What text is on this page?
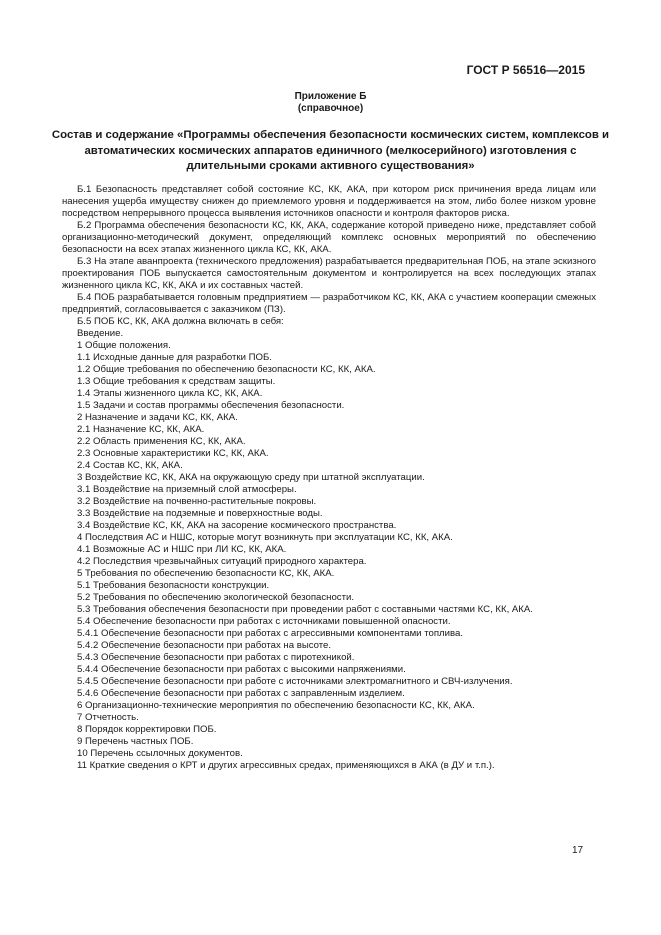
ГОСТ Р 56516—2015
Приложение Б
(справочное)
Состав и содержание «Программы обеспечения безопасности космических систем, комплексов и автоматических космических аппаратов единичного (мелкосерийного) изготовления с длительными сроками активного существования»

Б.1 Безопасность представляет собой состояние КС, КК, АКА, при котором риск причинения вреда лицам или нанесения ущерба имуществу снижен до приемлемого уровня и поддерживается на этом, либо более низком уровне посредством непрерывного процесса выявления источников опасности и контроля факторов риска.

Б.2 Программа обеспечения безопасности КС, КК, АКА, содержание которой приведено ниже, представляет собой организационно-методический документ, определяющий комплекс основных мероприятий по обеспечению безопасности на всех этапах жизненного цикла КС, КК, АКА.

Б.3 На этапе аванпроекта (технического предложения) разрабатывается предварительная ПОБ, на этапе эскизного проектирования ПОБ выпускается самостоятельным документом и контролируется на всех последующих этапах жизненного цикла КС, КК, АКА и их составных частей.

Б.4 ПОБ разрабатывается головным предприятием — разработчиком КС, КК, АКА с участием кооперации смежных предприятий, согласовывается с заказчиком (ПЗ).

Б.5 ПОБ КС, КК, АКА должна включать в себя:

Введение.
1 Общие положения.
1.1 Исходные данные для разработки ПОБ.
1.2 Общие требования по обеспечению безопасности КС, КК, АКА.
1.3 Общие требования к средствам защиты.
1.4 Этапы жизненного цикла КС, КК, АКА.
1.5 Задачи и состав программы обеспечения безопасности.
2 Назначение и задачи КС, КК, АКА.
2.1 Назначение КС, КК, АКА.
2.2 Область применения КС, КК, АКА.
2.3 Основные характеристики КС, КК, АКА.
2.4 Состав КС, КК, АКА.
3 Воздействие КС, КК, АКА на окружающую среду при штатной эксплуатации.
3.1 Воздействие на приземный слой атмосферы.
3.2 Воздействие на почвенно-растительные покровы.
3.3 Воздействие на подземные и поверхностные воды.
3.4 Воздействие КС, КК, АКА на засорение космического пространства.
4 Последствия АС и НШС, которые могут возникнуть при эксплуатации КС, КК, АКА.
4.1 Возможные АС и НШС при ЛИ КС, КК, АКА.
4.2 Последствия чрезвычайных ситуаций природного характера.
5 Требования по обеспечению безопасности КС, КК, АКА.
5.1 Требования безопасности конструкции.
5.2 Требования по обеспечению экологической безопасности.
5.3 Требования обеспечения безопасности при проведении работ с составными частями КС, КК, АКА.
5.4 Обеспечение безопасности при работах с источниками повышенной опасности.
5.4.1 Обеспечение безопасности при работах с агрессивными компонентами топлива.
5.4.2 Обеспечение безопасности при работах на высоте.
5.4.3 Обеспечение безопасности при работах с пиротехникой.
5.4.4 Обеспечение безопасности при работах с высокими напряжениями.
5.4.5 Обеспечение безопасности при работе с источниками электромагнитного и СВЧ-излучения.
5.4.6 Обеспечение безопасности при работах с заправленным изделием.
6 Организационно-технические мероприятия по обеспечению безопасности КС, КК, АКА.
7 Отчетность.
8 Порядок корректировки ПОБ.
9 Перечень частных ПОБ.
10 Перечень ссылочных документов.
11 Краткие сведения о КРТ и других агрессивных средах, применяющихся в АКА (в ДУ и т.п.).
17
